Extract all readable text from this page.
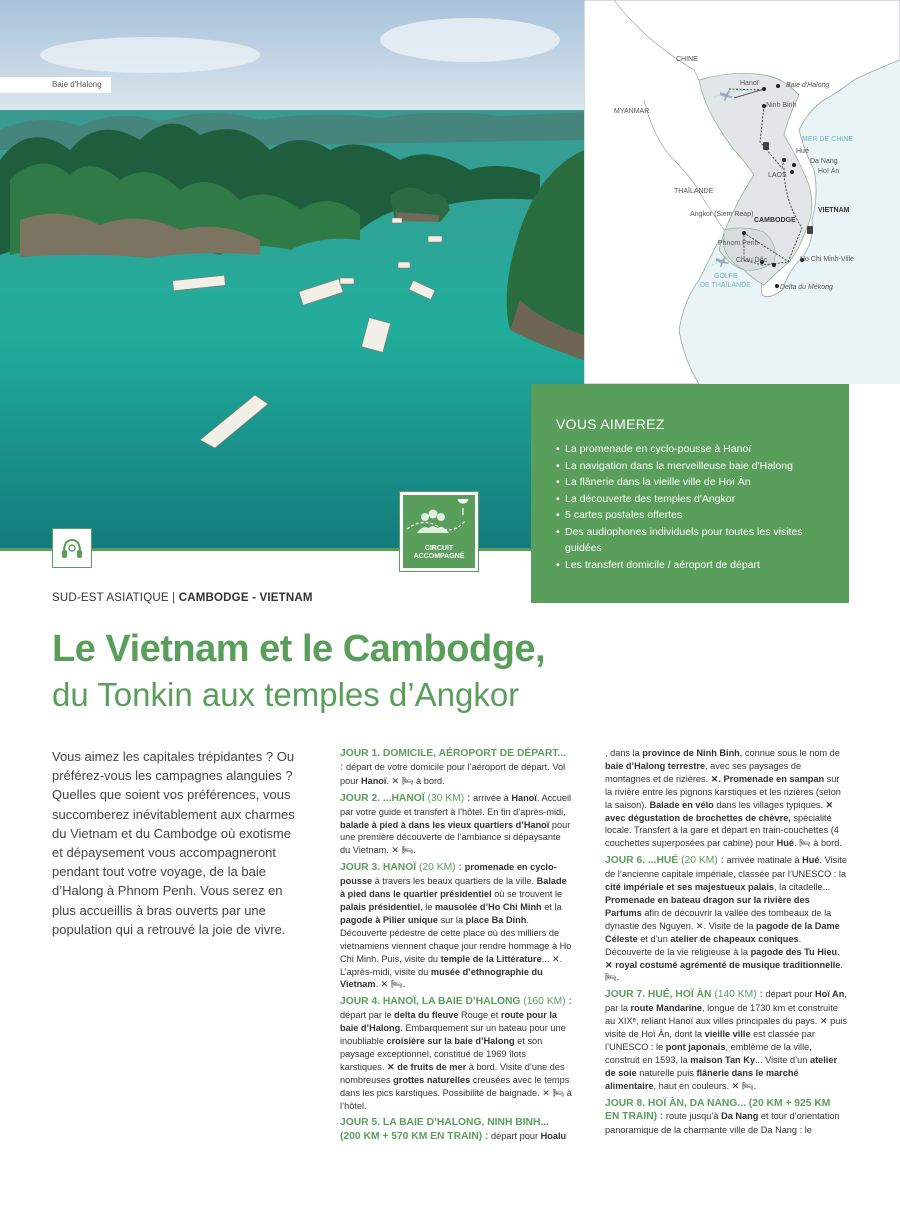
Baie d'Halong
CHINE
MYANMAR
Hanoï	Baie d'Halong
Ninh Binh
MER DE CHINE
Hué
Da Nang
Hoï Àn
LAOS
THAÏLANDE
Angkor (Siem Reap)
CAMBODGE
VIETNAM
Phnom Penh
Chau Dôc	Ho Chi Minh-Ville
GOLFE
DE THAÏLANDE	Delta du Mékong
VOUS AIMEREZ
• La promenade en cyclo-pousse à Hanoï
• La navigation dans la merveilleuse baie d'Halong
• La flânerie dans la vieille ville de Hoï Àn
• La découverte des temples d'Angkor
• 5 cartes postales offertes
• Des audiophones individuels pour toutes les visites guidées
• Les transfert domicile / aéroport de départ
CIRCUIT
ACCOMPAGNÉ
SUD-EST ASIATIQUE | CAMBODGE - VIETNAM
Le Vietnam et le Cambodge,
du Tonkin aux temples d’Angkor
Vous aimez les capitales trépidantes ? Ou préférez-vous les campagnes alanguies ? Quelles que soient vos préférences, vous succomberez inévitablement aux charmes du Vietnam et du Cambodge où exotisme et dépaysement vous accompagneront pendant tout votre voyage, de la baie d’Halong à Phnom Penh. Vous serez en plus accueillis à bras ouverts par une population qui a retrouvé la joie de vivre.

JOUR 1. DOMICILE, AÉROPORT DE DÉPART... : départ de votre domicile pour l’aéroport de départ. Vol pour Hanoï. ✕ 🛏 à bord.

JOUR 2. ...HANOÏ (30 KM) : arrivée à Hanoï. Accueil par votre guide et transfert à l’hôtel. En fin d’après-midi, balade à pied à dans les vieux quartiers d’Hanoï pour une première découverte de l’ambiance si dépaysante du Vietnam. ✕ 🛏.

JOUR 3. HANOÏ (20 KM) : promenade en cyclo-pousse à travers les beaux quartiers de la ville. Balade à pied dans le quartier présidentiel où se trouvent le palais présidentiel, le mausolée d’Ho Chi Minh et la pagode à Pilier unique sur la place Ba Dinh. Découverte pédestre de cette place où des milliers de vietnamiens viennent chaque jour rendre hommage à Ho Chi Minh. Puis, visite du temple de la Littérature... ✕. L’après-midi, visite du musée d’ethnographie du Vietnam. ✕ 🛏.

JOUR 4. HANOÏ, LA BAIE D’HALONG (160 KM) : départ par le delta du fleuve Rouge et route pour la baie d’Halong. Embarquement sur un bateau pour une inoubliable croisière sur la baie d’Halong et son paysage exceptionnel, constitué de 1969 îlots karstiques. ✕ de fruits de mer à bord. Visite d’une des nombreuses grottes naturelles creusées avec le temps dans les pics karstiques. Possibilité de baignade. ✕ 🛏 à l’hôtel.

JOUR 5. LA BAIE D’HALONG, NINH BINH... (200 KM + 570 KM EN TRAIN) : départ pour Hoalu

, dans la province de Ninh Binh, connue sous le nom de baie d’Halong terrestre, avec ses paysages de montagnes et de rizières. ✕. Promenade en sampan sur la rivière entre les pignons karstiques et les rizières (selon la saison). Balade en vélo dans les villages typiques. ✕ avec dégustation de brochettes de chèvre, spécialité locale. Transfert à la gare et départ en train-couchettes (4 couchettes superposées par cabine) pour Hué. 🛏 à bord.

JOUR 6. ...HUÉ (20 KM) : arrivée matinale à Hué. Visite de l’ancienne capitale impériale, classée par l’UNESCO : la cité impériale et ses majestueux palais, la citadelle... Promenade en bateau dragon sur la rivière des Parfums afin de découvrir la vallée des tombeaux de la dynastie des Nguyen. ✕. Visite de la pagode de la Dame Céleste et d’un atelier de chapeaux coniques. Découverte de la vie religieuse à la pagode des Tu Hieu. ✕ royal costumé agrémenté de musique traditionnelle. 🛏.

JOUR 7. HUÉ, HOÏ ÀN (140 KM) : départ pour Hoï An, par la route Mandarine, longue de 1730 km et construite au XIXᵉ, reliant Hanoï aux villes principales du pays. ✕ puis visite de Hoï Àn, dont la vieille ville est classée par l’UNESCO : le pont japonais, emblème de la ville, construit en 1593, la maison Tan Ky... Visite d’un atelier de soie naturelle puis flânerie dans le marché alimentaire, haut en couleurs. ✕ 🛏.

JOUR 8. HOÏ ÀN, DA NANG... (20 KM + 925 KM EN TRAIN) : route jusqu’à Da Nang et tour d’orientation panoramique de la charmante ville de Da Nang : le
